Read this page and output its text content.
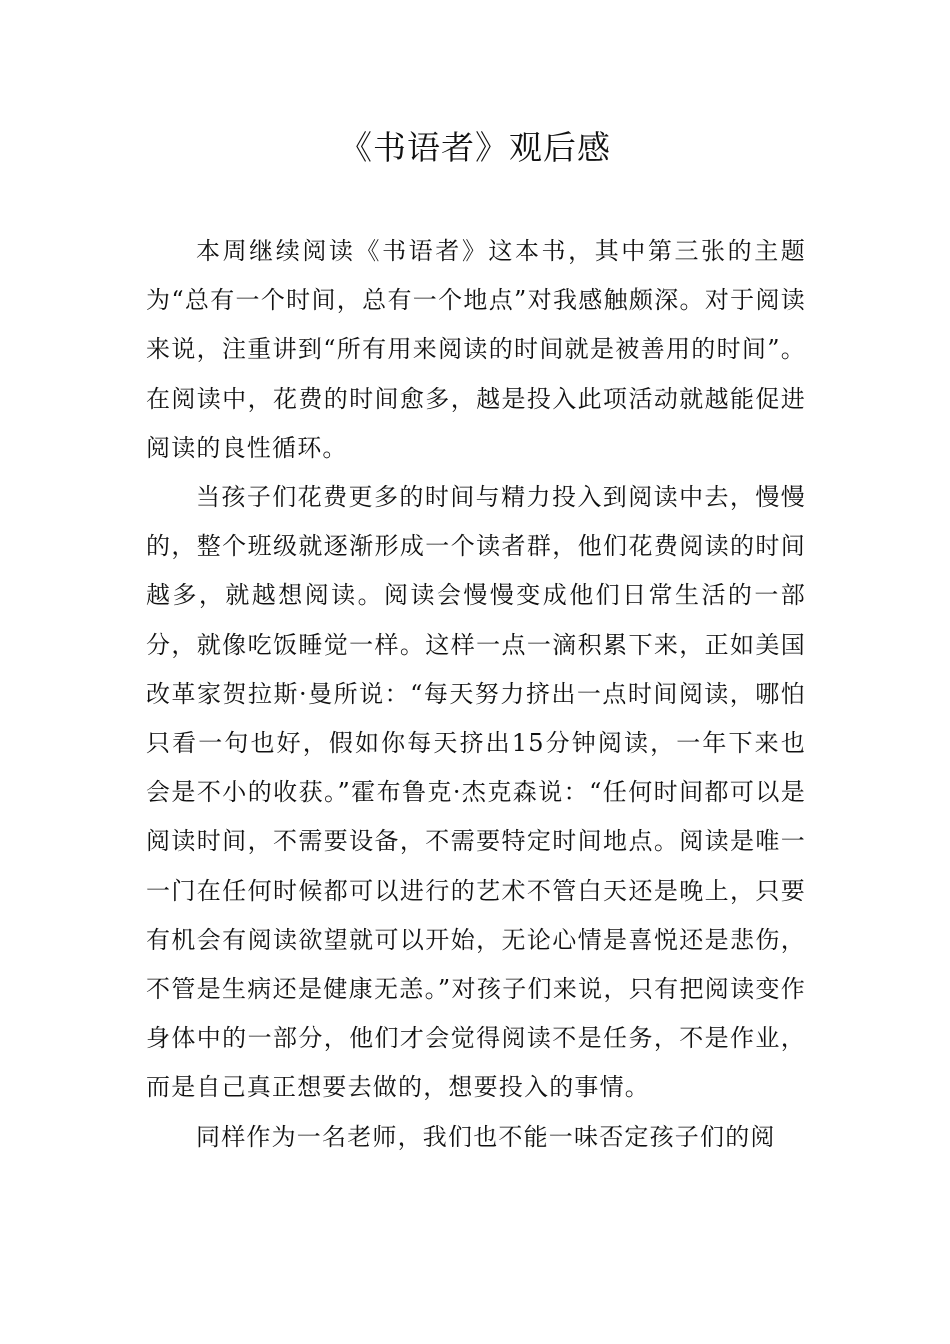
《书语者》观后感

本周继续阅读《书语者》这本书，其中第三张的主题为“总有一个时间，总有一个地点”对我感触颇深。对于阅读来说，注重讲到“所有用来阅读的时间就是被善用的时间”。在阅读中，花费的时间愈多，越是投入此项活动就越能促进阅读的良性循环。

当孩子们花费更多的时间与精力投入到阅读中去，慢慢的，整个班级就逐渐形成一个读者群，他们花费阅读的时间越多，就越想阅读。阅读会慢慢变成他们日常生活的一部分，就像吃饭睡觉一样。这样一点一滴积累下来，正如美国改革家贺拉斯·曼所说：“每天努力挤出一点时间阅读，哪怕只看一句也好，假如你每天挤出15分钟阅读，一年下来也会是不小的收获。”霍布鲁克·杰克森说：“任何时间都可以是阅读时间，不需要设备，不需要特定时间地点。阅读是唯一一门在任何时候都可以进行的艺术不管白天还是晚上，只要有机会有阅读欲望就可以开始，无论心情是喜悦还是悲伤，不管是生病还是健康无恙。”对孩子们来说，只有把阅读变作身体中的一部分，他们才会觉得阅读不是任务，不是作业，而是自己真正想要去做的，想要投入的事情。

同样作为一名老师，我们也不能一味否定孩子们的阅
